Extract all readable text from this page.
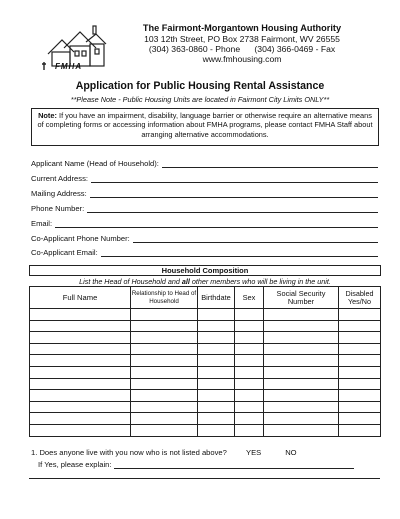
FMHA
The Fairmont-Morgantown Housing Authority
103 12th Street, PO Box 2738 Fairmont, WV 26555
(304) 363-0860 - Phone      (304) 366-0469 - Fax
www.fmhousing.com
Application for Public Housing Rental Assistance
**Please Note - Public Housing Units are located in Fairmont City Limits ONLY**
Note: If you have an impairment, disability, language barrier or otherwise require an alternative means of completing forms or accessing information about FMHA programs, please contact FMHA Staff about arranging alternative accommodations.
Applicant Name (Head of Household):
Current Address:
Mailing Address:
Phone Number:
Email:
Co-Applicant Phone Number:
Co-Applicant Email:
Household Composition					
List the Head of Household and all other members who will be living in the unit.					
Full Name	Relationship to Head of Household	Birthdate	Sex	Social Security Number	Disabled Yes/No

1. Does anyone live with you now who is not listed above?	YES	NO
If Yes, please explain:
